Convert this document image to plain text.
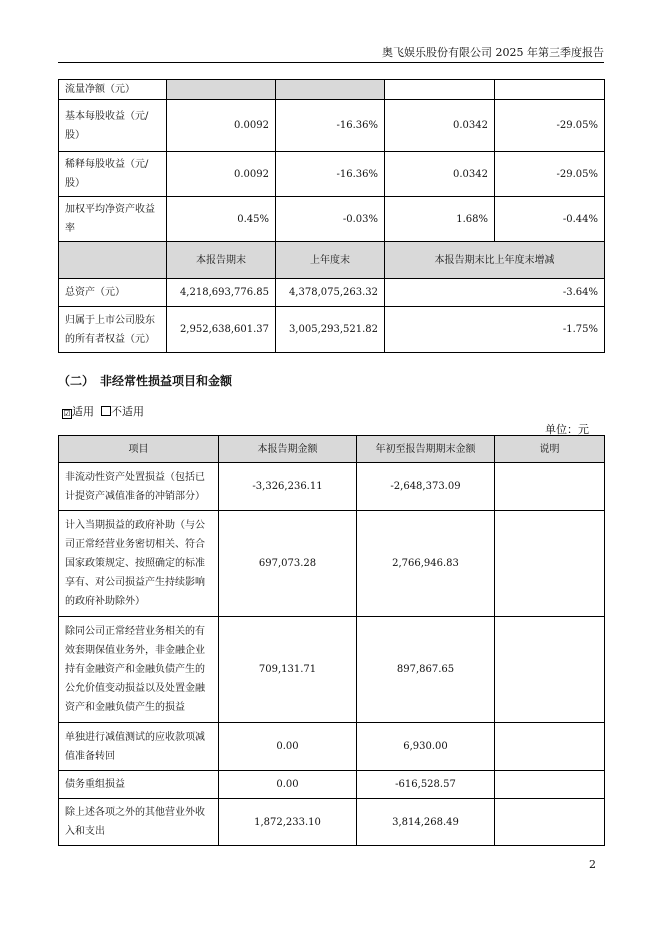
奥飞娱乐股份有限公司 2025 年第三季度报告
流量净额（元）				
基本每股收益（元/股）	0.0092	-16.36%	0.0342	-29.05%
稀释每股收益（元/股）	0.0092	-16.36%	0.0342	-29.05%
加权平均净资产收益率	0.45%	-0.03%	1.68%	-0.44%
	本报告期末	上年度末	本报告期末比上年度末增减	
总资产（元）	4,218,693,776.85	4,378,075,263.32	-3.64%	
归属于上市公司股东的所有者权益（元）	2,952,638,601.37	3,005,293,521.82	-1.75%	
（二）　非经常性损益项目和金额
☑适用 不适用
单位：元
项目	本报告期金额	年初至报告期期末金额	说明
非流动性资产处置损益（包括已计提资产减值准备的冲销部分）	-3,326,236.11	-2,648,373.09	
计入当期损益的政府补助（与公司正常经营业务密切相关、符合国家政策规定、按照确定的标准享有、对公司损益产生持续影响的政府补助除外）	697,073.28	2,766,946.83	
除同公司正常经营业务相关的有效套期保值业务外，非金融企业持有金融资产和金融负债产生的公允价值变动损益以及处置金融资产和金融负债产生的损益	709,131.71	897,867.65	
单独进行减值测试的应收款项减值准备转回	0.00	6,930.00	
债务重组损益	0.00	-616,528.57	
除上述各项之外的其他营业外收入和支出	1,872,233.10	3,814,268.49	
2
